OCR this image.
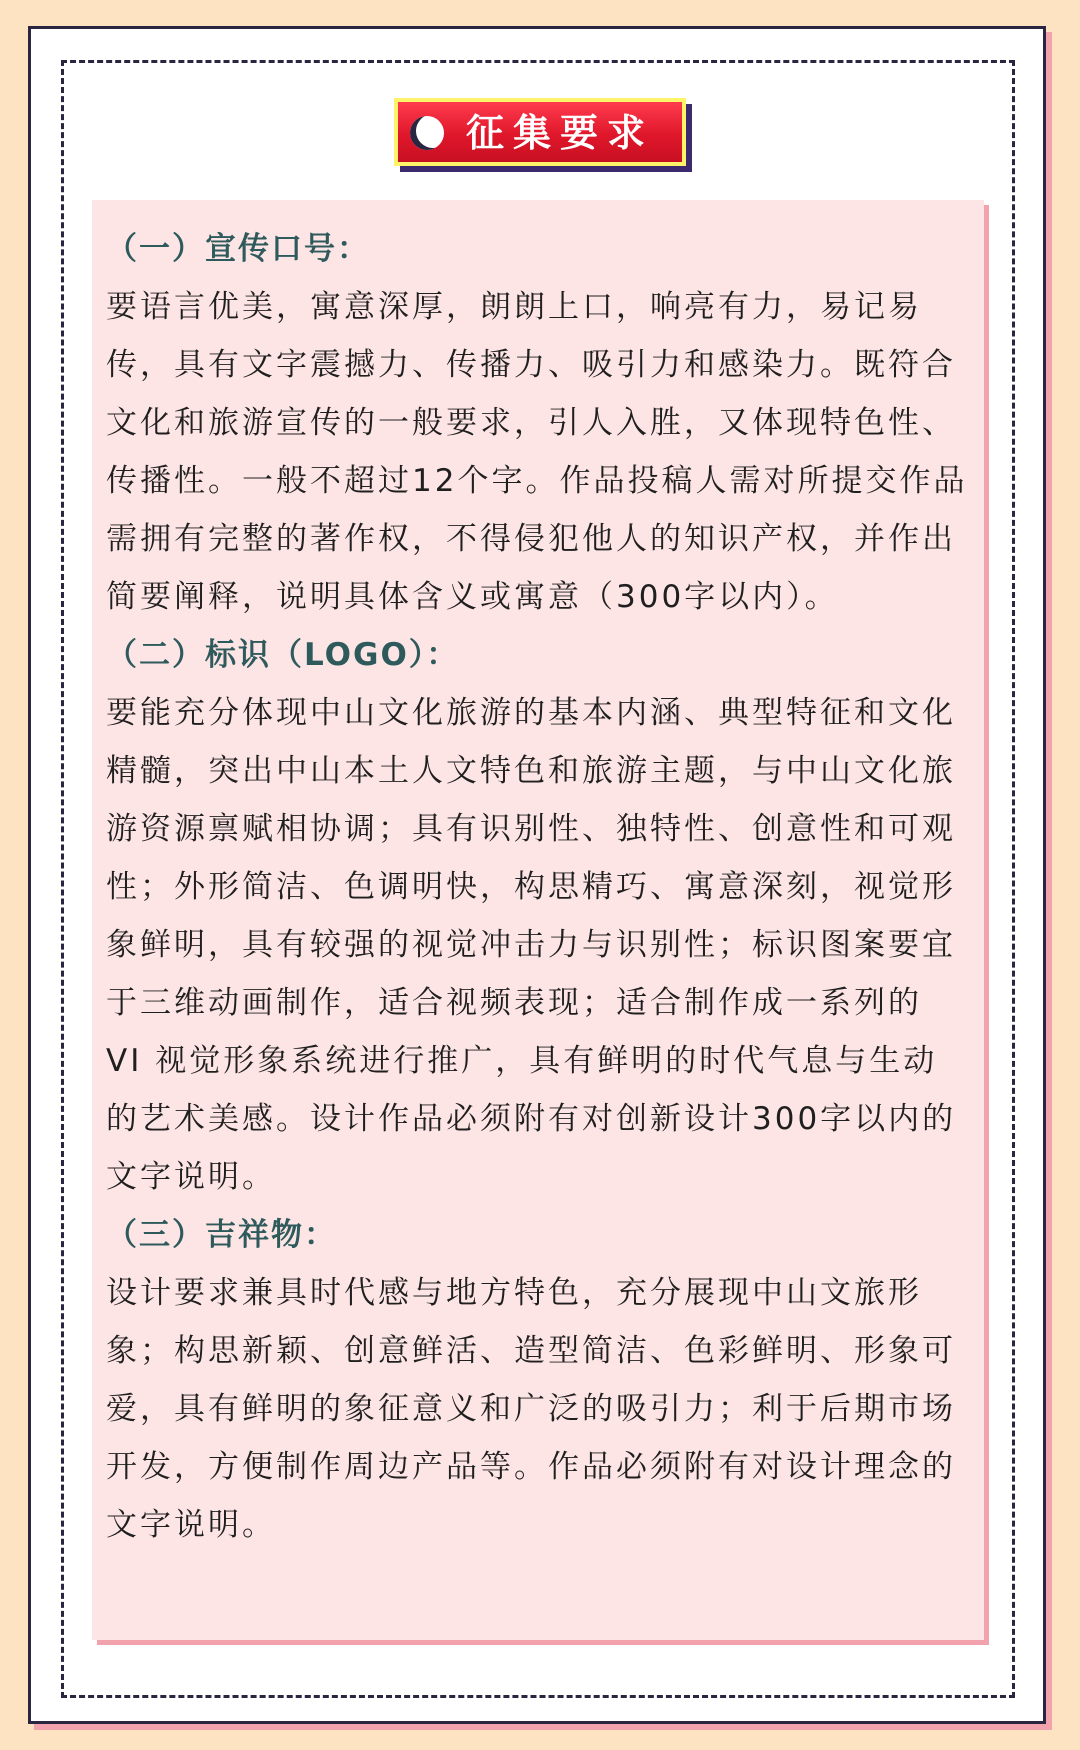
征集要求
（一）宣传口号：

要语言优美，寓意深厚，朗朗上口，响亮有力，易记易传，具有文字震撼力、传播力、吸引力和感染力。既符合文化和旅游宣传的一般要求，引人入胜，又体现特色性、传播性。一般不超过12个字。作品投稿人需对所提交作品需拥有完整的著作权，不得侵犯他人的知识产权，并作出简要阐释，说明具体含义或寓意（300字以内）。

（二）标识（LOGO）：

要能充分体现中山文化旅游的基本内涵、典型特征和文化精髓，突出中山本土人文特色和旅游主题，与中山文化旅游资源禀赋相协调；具有识别性、独特性、创意性和可观性；外形简洁、色调明快，构思精巧、寓意深刻，视觉形象鲜明，具有较强的视觉冲击力与识别性；标识图案要宜于三维动画制作，适合视频表现；适合制作成一系列的 VI 视觉形象系统进行推广，具有鲜明的时代气息与生动的艺术美感。设计作品必须附有对创新设计300字以内的文字说明。

（三）吉祥物：

设计要求兼具时代感与地方特色，充分展现中山文旅形象；构思新颖、创意鲜活、造型简洁、色彩鲜明、形象可爱，具有鲜明的象征意义和广泛的吸引力；利于后期市场开发，方便制作周边产品等。作品必须附有对设计理念的文字说明。
